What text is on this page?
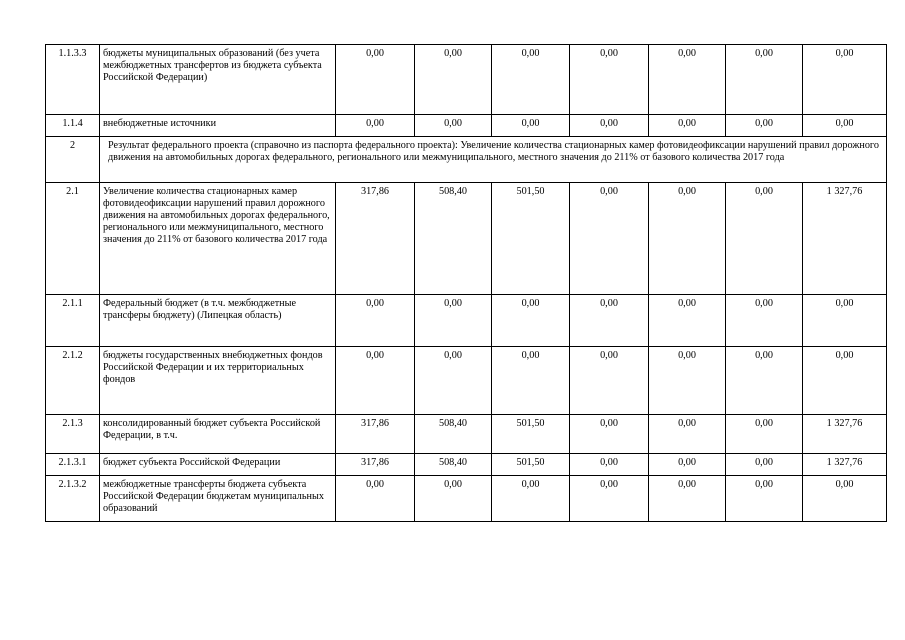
1.1.3.3	бюджеты муниципальных образований (без учета межбюджетных трансфертов из бюджета субъекта Российской Федерации)	0,00	0,00	0,00	0,00	0,00	0,00	0,00
1.1.4	внебюджетные источники	0,00	0,00	0,00	0,00	0,00	0,00	0,00
2	Результат федерального проекта (справочно из паспорта федерального проекта): Увеличение количества стационарных камер фотовидеофиксации нарушений правил дорожного движения на автомобильных дорогах федерального, регионального или межмуниципального, местного значения до 211% от базового количества 2017 года							
2.1	Увеличение количества стационарных камер фотовидеофиксации нарушений правил дорожного движения на автомобильных дорогах федерального, регионального или межмуниципального, местного значения до 211% от базового количества 2017 года	317,86	508,40	501,50	0,00	0,00	0,00	1 327,76
2.1.1	Федеральный бюджет (в т.ч. межбюджетные трансферы бюджету) (Липецкая область)	0,00	0,00	0,00	0,00	0,00	0,00	0,00
2.1.2	бюджеты государственных внебюджетных фондов Российской Федерации и их территориальных фондов	0,00	0,00	0,00	0,00	0,00	0,00	0,00
2.1.3	консолидированный бюджет субъекта Российской Федерации, в т.ч.	317,86	508,40	501,50	0,00	0,00	0,00	1 327,76
2.1.3.1	бюджет субъекта Российской Федерации	317,86	508,40	501,50	0,00	0,00	0,00	1 327,76
2.1.3.2	межбюджетные трансферты бюджета субъекта Российской Федерации бюджетам муниципальных образований	0,00	0,00	0,00	0,00	0,00	0,00	0,00
